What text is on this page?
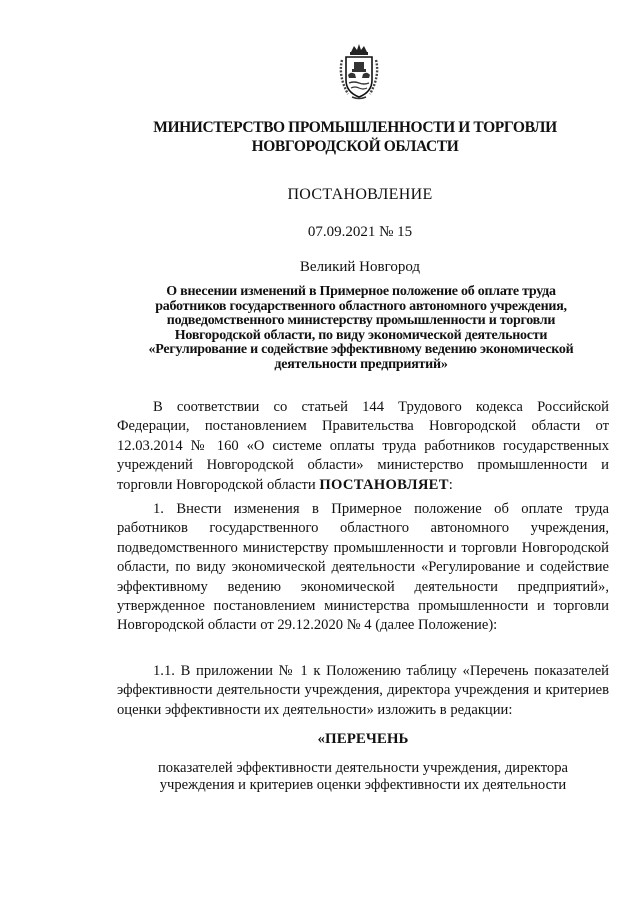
МИНИСТЕРСТВО ПРОМЫШЛЕННОСТИ И ТОРГОВЛИ
НОВГОРОДСКОЙ ОБЛАСТИ
ПОСТАНОВЛЕНИЕ
07.09.2021 № 15
Великий Новгород
О внесении изменений в Примерное положение об оплате труда
работников государственного областного автономного учреждения,
подведомственного министерству промышленности и торговли
Новгородской области, по виду экономической деятельности
«Регулирование и содействие эффективному ведению экономической
деятельности предприятий»

В соответствии со статьей 144 Трудового кодекса Российской Федерации, постановлением Правительства Новгородской области от 12.03.2014 № 160 «О системе оплаты труда работников государственных учреждений Новгородской области» министерство промышленности и торговли Новгородской области ПОСТАНОВЛЯЕТ:

1. Внести изменения в Примерное положение об оплате труда работников государственного областного автономного учреждения, подведомственного министерству промышленности и торговли Новгородской области, по виду экономической деятельности «Регулирование и содействие эффективному ведению экономической деятельности предприятий», утвержденное постановлением министерства промышленности и торговли Новгородской области от 29.12.2020 № 4 (далее Положение):

1.1. В приложении № 1 к Положению таблицу «Перечень показателей эффективности деятельности учреждения, директора учреждения и критериев оценки эффективности их деятельности» изложить в редакции:

«ПЕРЕЧЕНЬ
показателей эффективности деятельности учреждения, директора
учреждения и критериев оценки эффективности их деятельности
